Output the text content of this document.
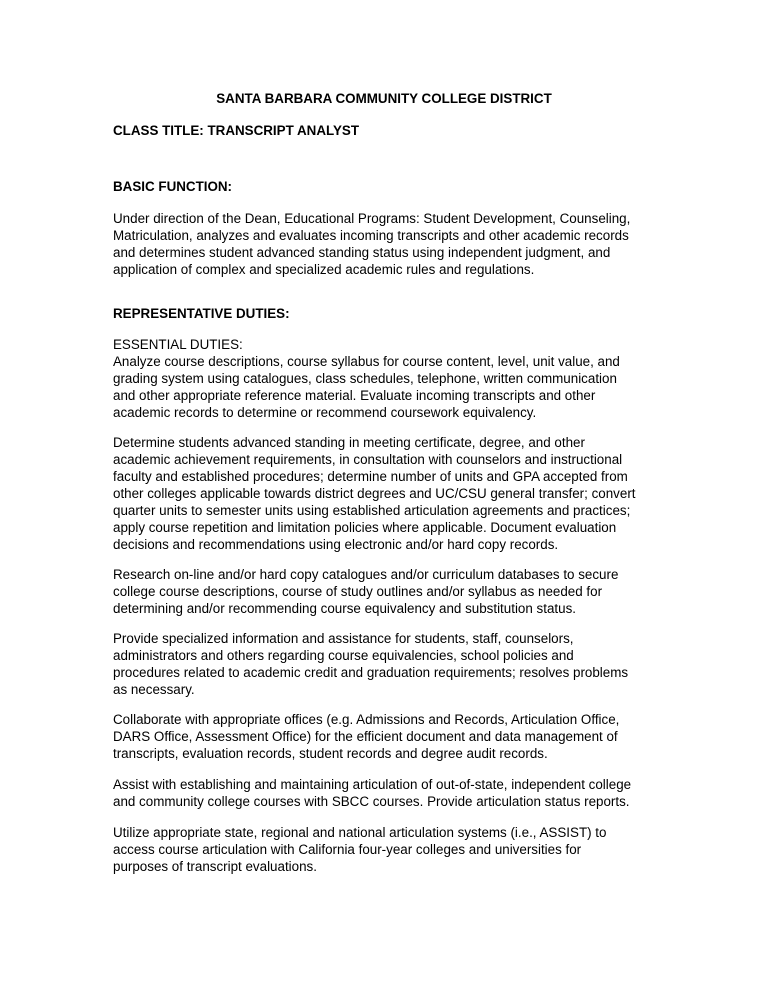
SANTA BARBARA COMMUNITY COLLEGE DISTRICT

CLASS TITLE: TRANSCRIPT ANALYST

BASIC FUNCTION:

Under direction of the Dean, Educational Programs: Student Development, Counseling,
Matriculation, analyzes and evaluates incoming transcripts and other academic records
and determines student advanced standing status using independent judgment, and
application of complex and specialized academic rules and regulations.

REPRESENTATIVE DUTIES:

ESSENTIAL DUTIES:

Analyze course descriptions, course syllabus for course content, level, unit value, and
grading system using catalogues, class schedules, telephone, written communication
and other appropriate reference material. Evaluate incoming transcripts and other
academic records to determine or recommend coursework equivalency.
Determine students advanced standing in meeting certificate, degree, and other
academic achievement requirements, in consultation with counselors and instructional
faculty and established procedures; determine number of units and GPA accepted from
other colleges applicable towards district degrees and UC/CSU general transfer; convert
quarter units to semester units using established articulation agreements and practices;
apply course repetition and limitation policies where applicable. Document evaluation
decisions and recommendations using electronic and/or hard copy records.
Research on-line and/or hard copy catalogues and/or curriculum databases to secure
college course descriptions, course of study outlines and/or syllabus as needed for
determining and/or recommending course equivalency and substitution status.
Provide specialized information and assistance for students, staff, counselors,
administrators and others regarding course equivalencies, school policies and
procedures related to academic credit and graduation requirements; resolves problems
as necessary.
Collaborate with appropriate offices (e.g. Admissions and Records, Articulation Office,
DARS Office, Assessment Office) for the efficient document and data management of
transcripts, evaluation records, student records and degree audit records.
Assist with establishing and maintaining articulation of out-of-state, independent college
and community college courses with SBCC courses. Provide articulation status reports.
Utilize appropriate state, regional and national articulation systems (i.e., ASSIST) to
access course articulation with California four-year colleges and universities for
purposes of transcript evaluations.
